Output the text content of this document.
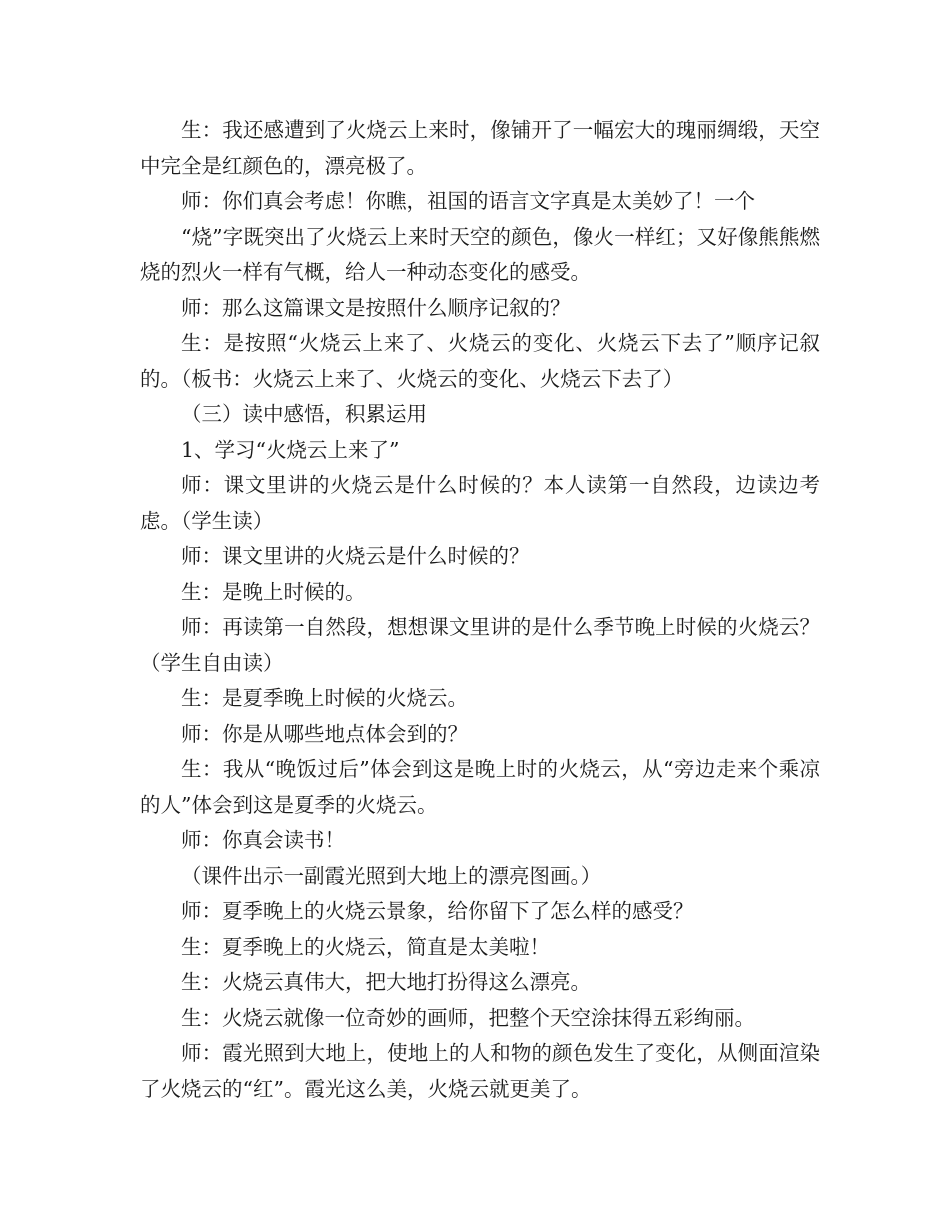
生：我还感遭到了火烧云上来时，像铺开了一幅宏大的瑰丽绸缎，天空中完全是红颜色的，漂亮极了。

师：你们真会考虑！你瞧，祖国的语言文字真是太美妙了！一个

“烧”字既突出了火烧云上来时天空的颜色，像火一样红；又好像熊熊燃烧的烈火一样有气概，给人一种动态变化的感受。

师：那么这篇课文是按照什么顺序记叙的？

生：是按照“火烧云上来了、火烧云的变化、火烧云下去了”顺序记叙的。（板书：火烧云上来了、火烧云的变化、火烧云下去了）

（三）读中感悟，积累运用

1、学习“火烧云上来了”

师：课文里讲的火烧云是什么时候的？本人读第一自然段，边读边考虑。（学生读）

师：课文里讲的火烧云是什么时候的？

生：是晚上时候的。

师：再读第一自然段，想想课文里讲的是什么季节晚上时候的火烧云？（学生自由读）

生：是夏季晚上时候的火烧云。

师：你是从哪些地点体会到的？

生：我从“晚饭过后”体会到这是晚上时的火烧云，从“旁边走来个乘凉的人”体会到这是夏季的火烧云。

师：你真会读书！

（课件出示一副霞光照到大地上的漂亮图画。）

师：夏季晚上的火烧云景象，给你留下了怎么样的感受？

生：夏季晚上的火烧云，简直是太美啦！

生：火烧云真伟大，把大地打扮得这么漂亮。

生：火烧云就像一位奇妙的画师，把整个天空涂抹得五彩绚丽。

师：霞光照到大地上，使地上的人和物的颜色发生了变化，从侧面渲染了火烧云的“红”。霞光这么美，火烧云就更美了。
